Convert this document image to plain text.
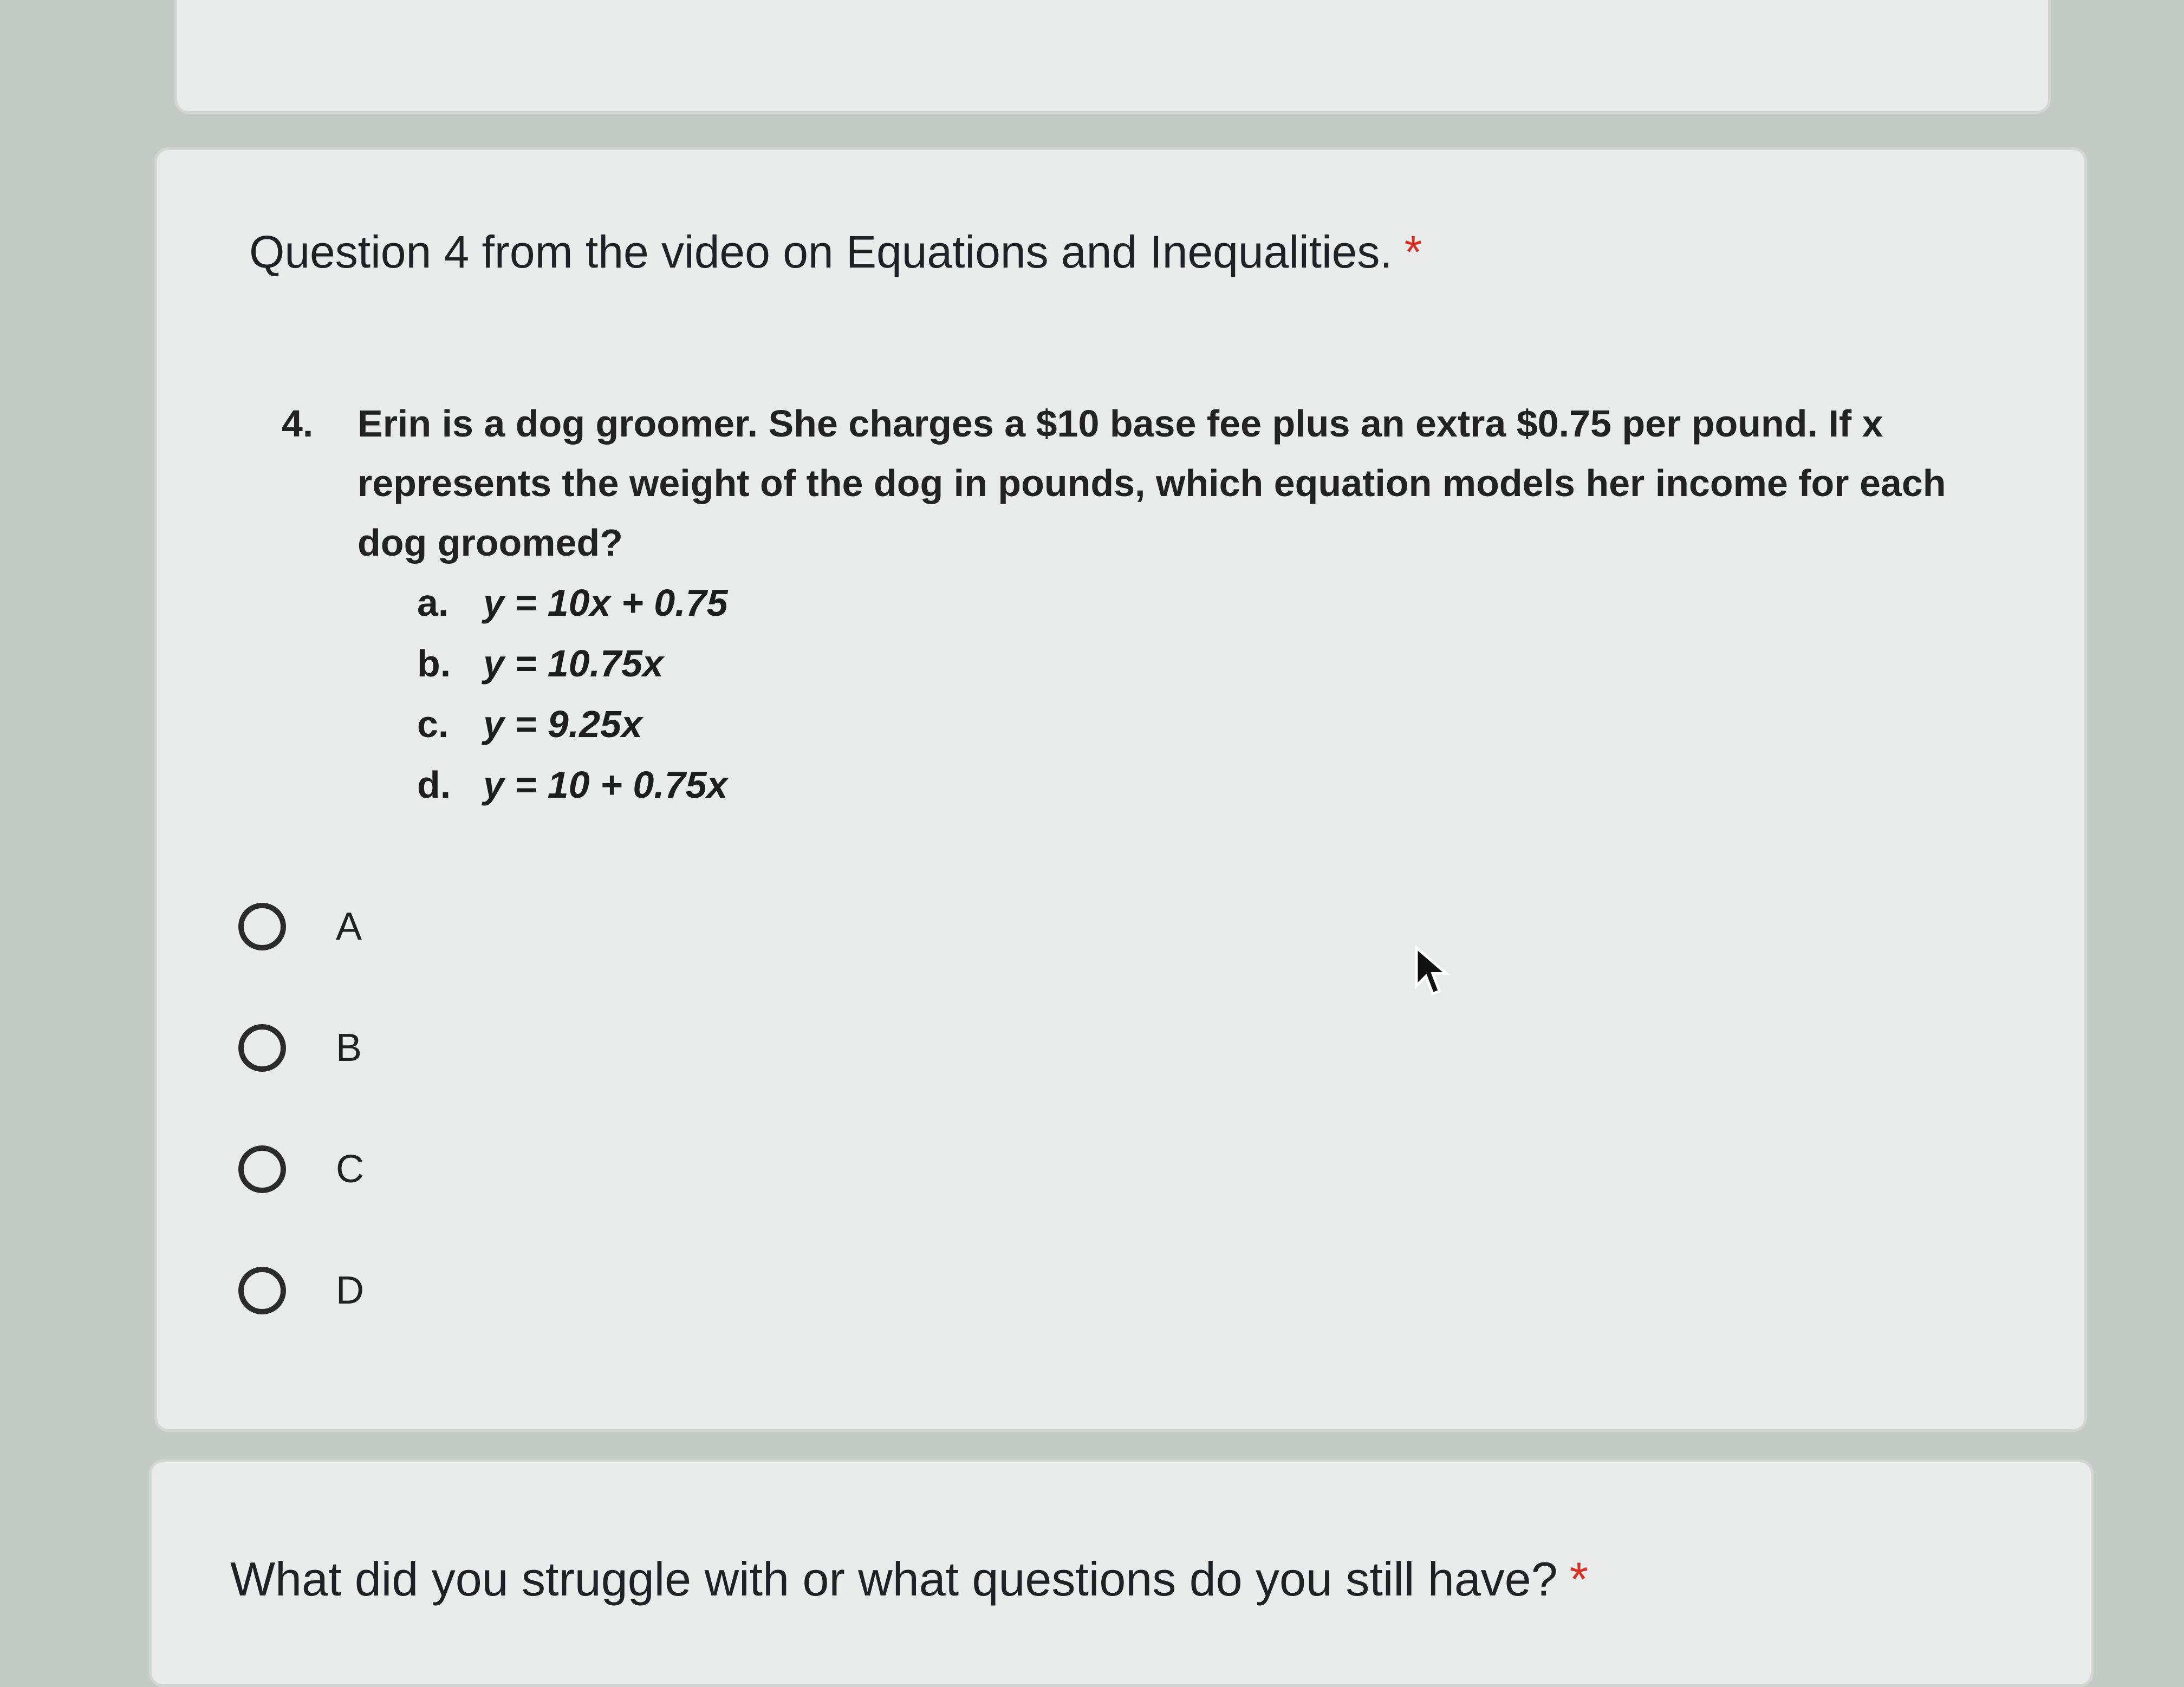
Question 4 from the video on Equations and Inequalities. *
4. Erin is a dog groomer. She charges a $10 base fee plus an extra $0.75 per pound. If x
represents the weight of the dog in pounds, which equation models her income for each
dog groomed?
a. y = 10x + 0.75
b. y = 10.75x
c. y = 9.25x
d. y = 10 + 0.75x
A
B
C
D
What did you struggle with or what questions do you still have? *
